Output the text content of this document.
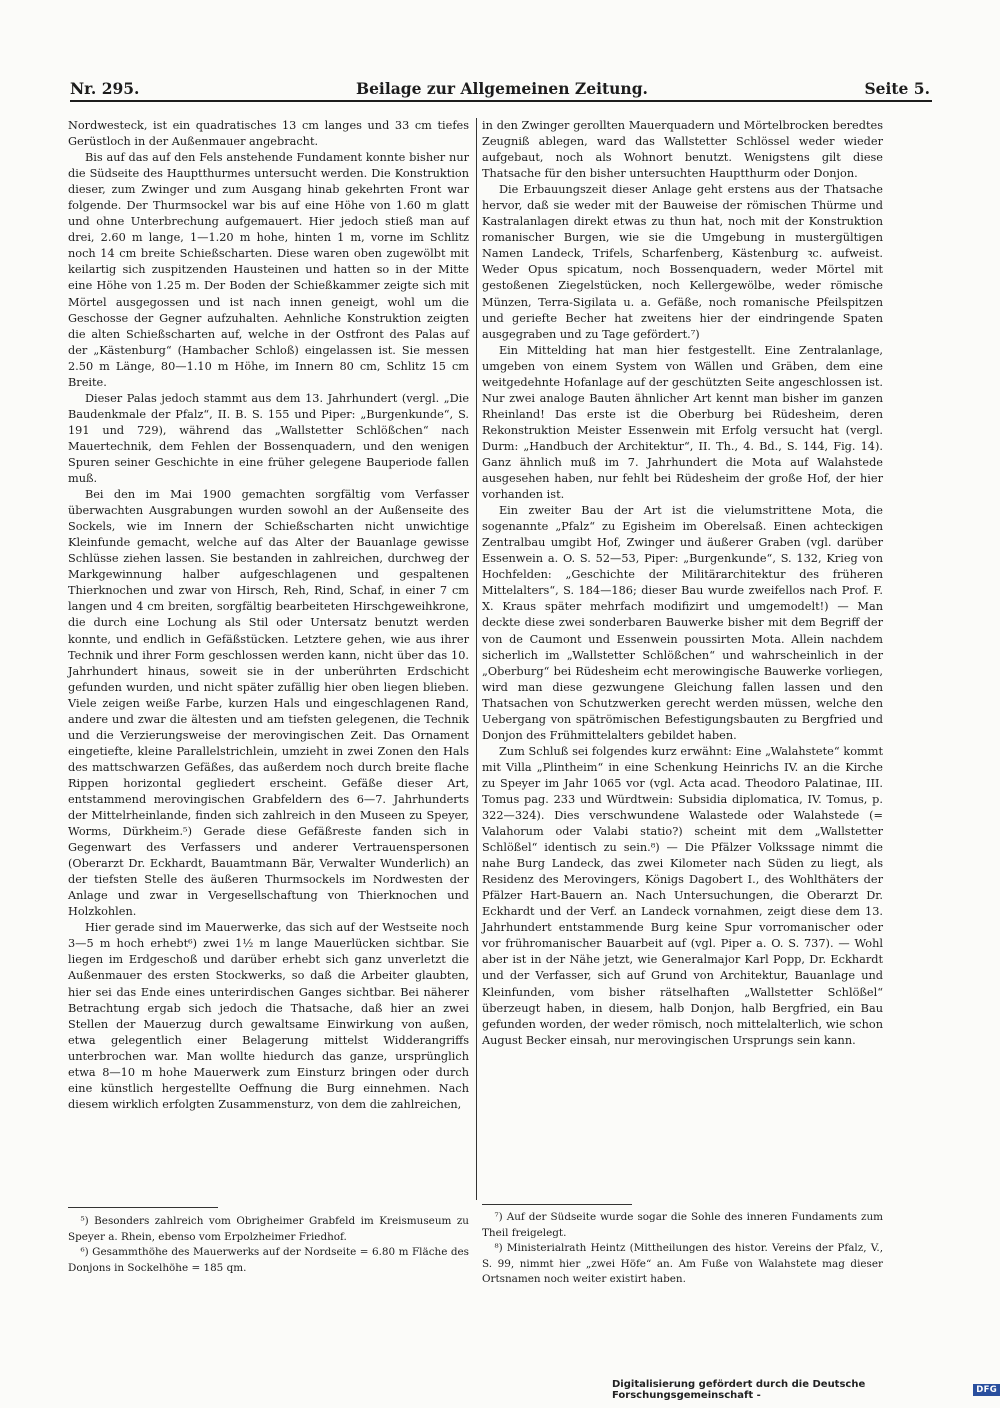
Nr. 295.	Beilage zur Allgemeinen Zeitung.	Seite 5.

Nordwesteck, ist ein quadratisches 13 cm langes und 33 cm tiefes Gerüstloch in der Außenmauer angebracht.

Bis auf das auf den Fels anstehende Fundament konnte bisher nur die Südseite des Hauptthurmes untersucht werden. Die Konstruktion dieser, zum Zwinger und zum Ausgang hinab gekehrten Front war folgende. Der Thurmsockel war bis auf eine Höhe von 1.60 m glatt und ohne Unterbrechung aufgemauert. Hier jedoch stieß man auf drei, 2.60 m lange, 1—1.20 m hohe, hinten 1 m, vorne im Schlitz noch 14 cm breite Schießscharten. Diese waren oben zugewölbt mit keilartig sich zuspitzenden Hausteinen und hatten so in der Mitte eine Höhe von 1.25 m. Der Boden der Schießkammer zeigte sich mit Mörtel ausgegossen und ist nach innen geneigt, wohl um die Geschosse der Gegner aufzuhalten. Aehnliche Konstruktion zeigten die alten Schießscharten auf, welche in der Ostfront des Palas auf der „Kästenburg“ (Hambacher Schloß) eingelassen ist. Sie messen 2.50 m Länge, 80—1.10 m Höhe, im Innern 80 cm, Schlitz 15 cm Breite.

Dieser Palas jedoch stammt aus dem 13. Jahrhundert (vergl. „Die Baudenkmale der Pfalz“, II. B. S. 155 und Piper: „Burgenkunde“, S. 191 und 729), während das „Wallstetter Schlößchen“ nach Mauertechnik, dem Fehlen der Bossenquadern, und den wenigen Spuren seiner Geschichte in eine früher gelegene Bauperiode fallen muß.

Bei den im Mai 1900 gemachten sorgfältig vom Verfasser überwachten Ausgrabungen wurden sowohl an der Außenseite des Sockels, wie im Innern der Schießscharten nicht unwichtige Kleinfunde gemacht, welche auf das Alter der Bauanlage gewisse Schlüsse ziehen lassen. Sie bestanden in zahlreichen, durchweg der Markgewinnung halber aufgeschlagenen und gespaltenen Thierknochen und zwar von Hirsch, Reh, Rind, Schaf, in einer 7 cm langen und 4 cm breiten, sorgfältig bearbeiteten Hirschgeweihkrone, die durch eine Lochung als Stil oder Untersatz benutzt werden konnte, und endlich in Gefäßstücken. Letztere gehen, wie aus ihrer Technik und ihrer Form geschlossen werden kann, nicht über das 10. Jahrhundert hinaus, soweit sie in der unberührten Erdschicht gefunden wurden, und nicht später zufällig hier oben liegen blieben. Viele zeigen weiße Farbe, kurzen Hals und eingeschlagenen Rand, andere und zwar die ältesten und am tiefsten gelegenen, die Technik und die Verzierungsweise der merovingischen Zeit. Das Ornament eingetiefte, kleine Parallelstrichlein, umzieht in zwei Zonen den Hals des mattschwarzen Gefäßes, das außerdem noch durch breite flache Rippen horizontal gegliedert erscheint. Gefäße dieser Art, entstammend merovingischen Grabfeldern des 6—7. Jahrhunderts der Mittelrheinlande, finden sich zahlreich in den Museen zu Speyer, Worms, Dürkheim.⁵) Gerade diese Gefäßreste fanden sich in Gegenwart des Verfassers und anderer Vertrauenspersonen (Oberarzt Dr. Eckhardt, Bauamtmann Bär, Verwalter Wunderlich) an der tiefsten Stelle des äußeren Thurmsockels im Nordwesten der Anlage und zwar in Vergesellschaftung von Thierknochen und Holzkohlen.

Hier gerade sind im Mauerwerke, das sich auf der Westseite noch 3—5 m hoch erhebt⁶) zwei 1½ m lange Mauerlücken sichtbar. Sie liegen im Erdgeschoß und darüber erhebt sich ganz unverletzt die Außenmauer des ersten Stockwerks, so daß die Arbeiter glaubten, hier sei das Ende eines unterirdischen Ganges sichtbar. Bei näherer Betrachtung ergab sich jedoch die Thatsache, daß hier an zwei Stellen der Mauerzug durch gewaltsame Einwirkung von außen, etwa gelegentlich einer Belagerung mittelst Widderangriffs unterbrochen war. Man wollte hiedurch das ganze, ursprünglich etwa 8—10 m hohe Mauerwerk zum Einsturz bringen oder durch eine künstlich hergestellte Oeffnung die Burg einnehmen. Nach diesem wirklich erfolgten Zusammensturz, von dem die zahlreichen,

in den Zwinger gerollten Mauerquadern und Mörtelbrocken beredtes Zeugniß ablegen, ward das Wallstetter Schlössel weder wieder aufgebaut, noch als Wohnort benutzt. Wenigstens gilt diese Thatsache für den bisher untersuchten Hauptthurm oder Donjon.

Die Erbauungszeit dieser Anlage geht erstens aus der Thatsache hervor, daß sie weder mit der Bauweise der römischen Thürme und Kastralanlagen direkt etwas zu thun hat, noch mit der Konstruktion romanischer Burgen, wie sie die Umgebung in mustergültigen Namen Landeck, Trifels, Scharfenberg, Kästenburg ꝛc. aufweist. Weder Opus spicatum, noch Bossenquadern, weder Mörtel mit gestoßenen Ziegelstücken, noch Kellergewölbe, weder römische Münzen, Terra-Sigilata u. a. Gefäße, noch romanische Pfeilspitzen und geriefte Becher hat zweitens hier der eindringende Spaten ausgegraben und zu Tage gefördert.⁷)

Ein Mittelding hat man hier festgestellt. Eine Zentralanlage, umgeben von einem System von Wällen und Gräben, dem eine weitgedehnte Hofanlage auf der geschützten Seite angeschlossen ist. Nur zwei analoge Bauten ähnlicher Art kennt man bisher im ganzen Rheinland! Das erste ist die Oberburg bei Rüdesheim, deren Rekonstruktion Meister Essenwein mit Erfolg versucht hat (vergl. Durm: „Handbuch der Architektur“, II. Th., 4. Bd., S. 144, Fig. 14). Ganz ähnlich muß im 7. Jahrhundert die Mota auf Walahstede ausgesehen haben, nur fehlt bei Rüdesheim der große Hof, der hier vorhanden ist.

Ein zweiter Bau der Art ist die vielumstrittene Mota, die sogenannte „Pfalz“ zu Egisheim im Oberelsaß. Einen achteckigen Zentralbau umgibt Hof, Zwinger und äußerer Graben (vgl. darüber Essenwein a. O. S. 52—53, Piper: „Burgenkunde“, S. 132, Krieg von Hochfelden: „Geschichte der Militärarchitektur des früheren Mittelalters“, S. 184—186; dieser Bau wurde zweifellos nach Prof. F. X. Kraus später mehrfach modifizirt und umgemodelt!) — Man deckte diese zwei sonderbaren Bauwerke bisher mit dem Begriff der von de Caumont und Essenwein poussirten Mota. Allein nachdem sicherlich im „Wallstetter Schlößchen“ und wahrscheinlich in der „Oberburg“ bei Rüdesheim echt merowingische Bauwerke vorliegen, wird man diese gezwungene Gleichung fallen lassen und den Thatsachen von Schutzwerken gerecht werden müssen, welche den Uebergang von spätrömischen Befestigungsbauten zu Bergfried und Donjon des Frühmittelalters gebildet haben.

Zum Schluß sei folgendes kurz erwähnt: Eine „Walahstete“ kommt mit Villa „Plintheim“ in eine Schenkung Heinrichs IV. an die Kirche zu Speyer im Jahr 1065 vor (vgl. Acta acad. Theodoro Palatinae, III. Tomus pag. 233 und Würdtwein: Subsidia diplomatica, IV. Tomus, p. 322—324). Dies verschwundene Walastede oder Walahstede (= Valahorum oder Valabi statio?) scheint mit dem „Wallstetter Schlößel“ identisch zu sein.⁸) — Die Pfälzer Volkssage nimmt die nahe Burg Landeck, das zwei Kilometer nach Süden zu liegt, als Residenz des Merovingers, Königs Dagobert I., des Wohlthäters der Pfälzer Hart-Bauern an. Nach Untersuchungen, die Oberarzt Dr. Eckhardt und der Verf. an Landeck vornahmen, zeigt diese dem 13. Jahrhundert entstammende Burg keine Spur vorromanischer oder vor frühromanischer Bauarbeit auf (vgl. Piper a. O. S. 737). — Wohl aber ist in der Nähe jetzt, wie Generalmajor Karl Popp, Dr. Eckhardt und der Verfasser, sich auf Grund von Architektur, Bauanlage und Kleinfunden, vom bisher rätselhaften „Wallstetter Schlößel“ überzeugt haben, in diesem, halb Donjon, halb Bergfried, ein Bau gefunden worden, der weder römisch, noch mittelalterlich, wie schon August Becker einsah, nur merovingischen Ursprungs sein kann.

⁵) Besonders zahlreich vom Obrigheimer Grabfeld im Kreismuseum zu Speyer a. Rhein, ebenso vom Erpolzheimer Friedhof.

⁶) Gesammthöhe des Mauerwerks auf der Nordseite = 6.80 m Fläche des Donjons in Sockelhöhe = 185 qm.

⁷) Auf der Südseite wurde sogar die Sohle des inneren Fundaments zum Theil freigelegt.

⁸) Ministerialrath Heintz (Mittheilungen des histor. Vereins der Pfalz, V., S. 99, nimmt hier „zwei Höfe“ an. Am Fuße von Walahstete mag dieser Ortsnamen noch weiter existirt haben.

Digitalisierung gefördert durch die Deutsche Forschungsgemeinschaft -	DFG
